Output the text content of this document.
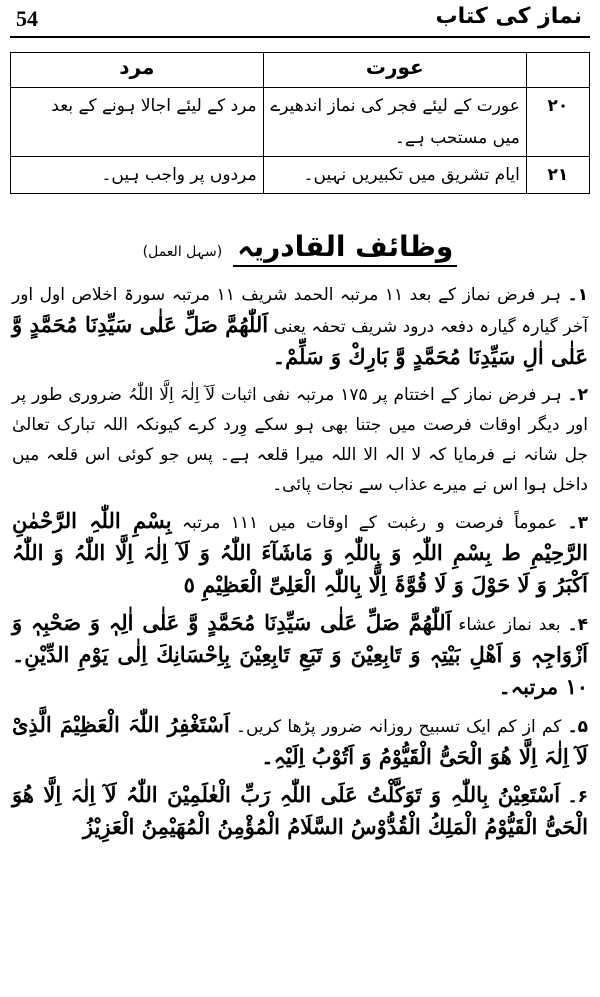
54	نماز کی کتاب
	عورت	مرد
۲۰	عورت کے لیئے فجر کی نماز اندھیرے میں مستحب ہے۔	مرد کے لیئے اجالا ہونے کے بعد
۲۱	ایام تشریق میں تکبیریں نہیں۔	مردوں پر واجب ہیں۔
وظائف القادریہ (سہل العمل)

۱۔ ہر فرض نماز کے بعد ۱۱ مرتبہ الحمد شریف ۱۱ مرتبہ سورۃ اخلاص اول اور آخر گیارہ گیارہ دفعہ درود شریف تحفہ یعنی اَللّٰھُمَّ صَلِّ عَلٰی سَیِّدِنَا مُحَمَّدٍ وَّ عَلٰی اٰلِ سَیِّدِنَا مُحَمَّدٍ وَّ بَارِكْ وَ سَلِّمْ۔

۲۔ ہر فرض نماز کے اختتام پر ۱۷۵ مرتبہ نفی اثبات لَآ اِلٰہَ اِلَّا اللّٰہُ ضروری طور پر اور دیگر اوقات فرصت میں جتنا بھی ہو سکے وِرد کرے کیونکہ اللہ تبارک تعالیٰ جل شانہ نے فرمایا کہ لا الہ الا اللہ میرا قلعہ ہے۔ پس جو کوئی اس قلعہ میں داخل ہوا اس نے میرے عذاب سے نجات پائی۔

۳۔ عموماً فرصت و رغبت کے اوقات میں ۱۱۱ مرتبہ بِسْمِ اللّٰہِ الرَّحْمٰنِ الرَّحِیْمِ ط بِسْمِ اللّٰہِ وَ بِاللّٰہِ وَ مَاشَآءَ اللّٰہُ وَ لَآ اِلٰہَ اِلَّا اللّٰہُ وَ اللّٰہُ اَکْبَرُ وَ لَا حَوْلَ وَ لَا قُوَّۃَ اِلَّا بِاللّٰہِ الْعَلِیِّ الْعَظِیْمِ ٥

۴۔ بعد نماز عشاء اَللّٰھُمَّ صَلِّ عَلٰی سَیِّدِنَا مُحَمَّدٍ وَّ عَلٰی اٰلِہٖ وَ صَحْبِہٖ وَ اَزْوَاجِہٖ وَ اَھْلِ بَیْتِہٖ وَ تَابِعِیْنَ وَ تَبَعِ تَابِعِیْنَ بِاِحْسَانِكَ اِلٰی یَوْمِ الدِّیْنِ۔ ۱۰ مرتبہ۔

۵۔ کم از کم ایک تسبیح روزانہ ضرور پڑھا کریں۔ اَسْتَغْفِرُ اللّٰہَ الْعَظِیْمَ الَّذِیْ لَآ اِلٰہَ اِلَّا ھُوَ الْحَیُّ الْقَیُّوْمُ وَ اَتُوْبُ اِلَیْہِ۔

۶۔ اَسْتَعِیْنُ بِاللّٰہِ وَ تَوَکَّلْتُ عَلَی اللّٰہِ رَبِّ الْعٰلَمِیْنَ اللّٰہُ لَآ اِلٰہَ اِلَّا ھُوَ الْحَیُّ الْقَیُّوْمُ الْمَلِكُ الْقُدُّوْسُ السَّلَامُ الْمُؤْمِنُ الْمُھَیْمِنُ الْعَزِیْزُ
